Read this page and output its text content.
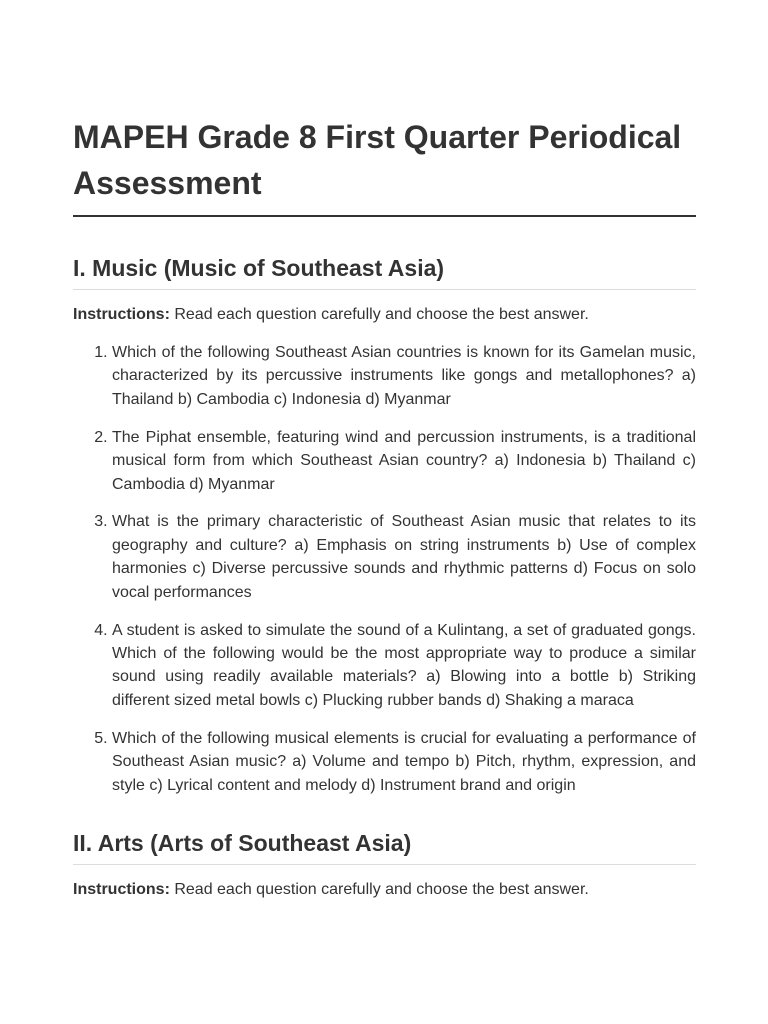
MAPEH Grade 8 First Quarter Periodical Assessment
I. Music (Music of Southeast Asia)

Instructions: Read each question carefully and choose the best answer.

1. Which of the following Southeast Asian countries is known for its Gamelan music, characterized by its percussive instruments like gongs and metallophones? a) Thailand b) Cambodia c) Indonesia d) Myanmar
2. The Piphat ensemble, featuring wind and percussion instruments, is a traditional musical form from which Southeast Asian country? a) Indonesia b) Thailand c) Cambodia d) Myanmar
3. What is the primary characteristic of Southeast Asian music that relates to its geography and culture? a) Emphasis on string instruments b) Use of complex harmonies c) Diverse percussive sounds and rhythmic patterns d) Focus on solo vocal performances
4. A student is asked to simulate the sound of a Kulintang, a set of graduated gongs. Which of the following would be the most appropriate way to produce a similar sound using readily available materials? a) Blowing into a bottle b) Striking different sized metal bowls c) Plucking rubber bands d) Shaking a maraca
5. Which of the following musical elements is crucial for evaluating a performance of Southeast Asian music? a) Volume and tempo b) Pitch, rhythm, expression, and style c) Lyrical content and melody d) Instrument brand and origin
II. Arts (Arts of Southeast Asia)

Instructions: Read each question carefully and choose the best answer.
